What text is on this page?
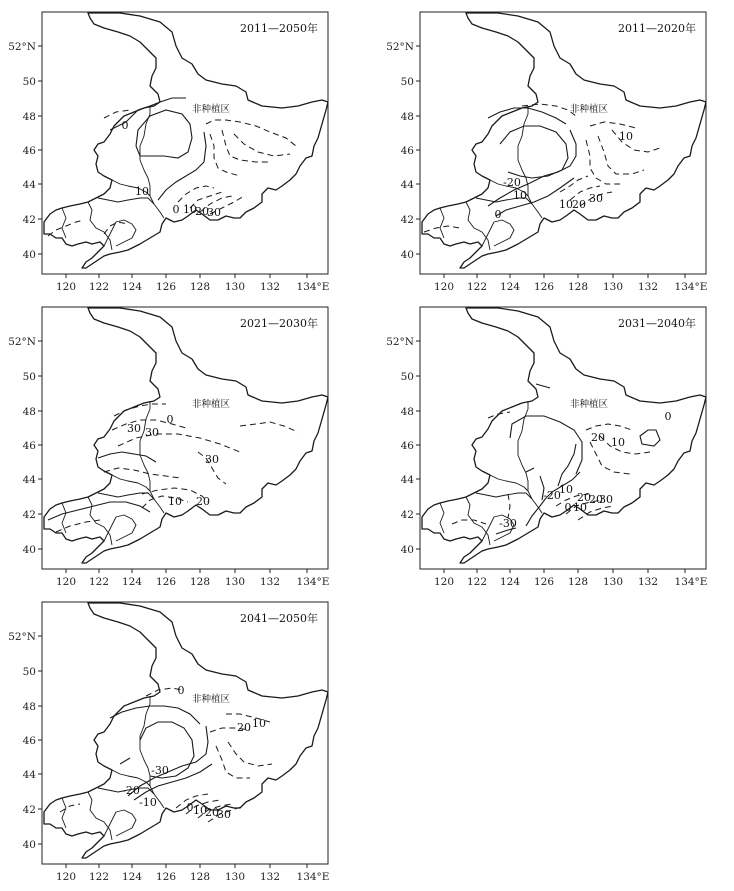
120 122 124 126 128 130 132 134°E
40
42
44
46
48
50
52°N
2011—2050年
非种植区
0
10
0 10
20
30
120 122 124 126 128 130 132 134°E
40
42
44
46
48
50
52°N
2011—2020年
非种植区
10
-20
10
0
10 20 30
120 122 124 126 128 130 132 134°E
40
42
44
46
48
50
52°N
2021—2030年
非种植区
30 30
0
10 20
30
120 122 124 126 128 130 132 134°E
40
42
44
46
48
50
52°N
2031—2040年
非种植区
0
20 10
-20
10
20
-30
0 10
20
30
120 122 124 126 128 130 132 134°E
40
42
44
46
48
50
52°N
2041—2050年
非种植区
0
20 10
-30
-20
-10	0 10
20
30
